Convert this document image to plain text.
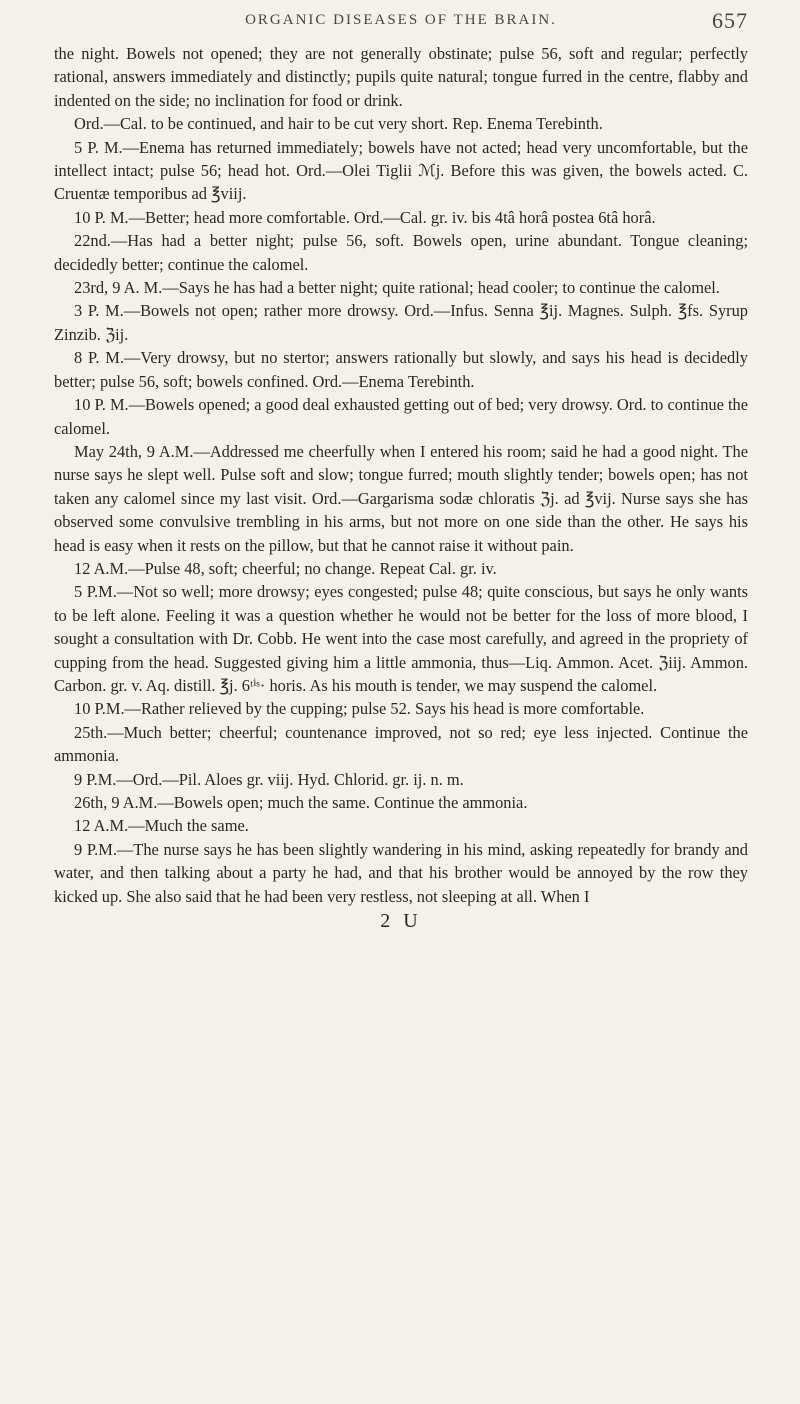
ORGANIC DISEASES OF THE BRAIN.	657

the night. Bowels not opened; they are not generally obstinate; pulse 56, soft and regular; perfectly rational, answers immediately and distinctly; pupils quite natural; tongue furred in the centre, flabby and indented on the side; no inclination for food or drink.

Ord.—Cal. to be continued, and hair to be cut very short. Rep. Enema Terebinth.

5 P. M.—Enema has returned immediately; bowels have not acted; head very uncomfortable, but the intellect intact; pulse 56; head hot. Ord.—Olei Tiglii ℳj. Before this was given, the bowels acted. C. Cruentæ temporibus ad ℥viij.

10 P. M.—Better; head more comfortable. Ord.—Cal. gr. iv. bis 4tâ horâ postea 6tâ horâ.

22nd.—Has had a better night; pulse 56, soft. Bowels open, urine abundant. Tongue cleaning; decidedly better; continue the calomel.

23rd, 9 A. M.—Says he has had a better night; quite rational; head cooler; to continue the calomel.

3 P. M.—Bowels not open; rather more drowsy. Ord.—Infus. Senna ℥ij. Magnes. Sulph. ℥fs. Syrup Zinzib. ℨij.

8 P. M.—Very drowsy, but no stertor; answers rationally but slowly, and says his head is decidedly better; pulse 56, soft; bowels confined. Ord.—Enema Terebinth.

10 P. M.—Bowels opened; a good deal exhausted getting out of bed; very drowsy. Ord. to continue the calomel.

May 24th, 9 A.M.—Addressed me cheerfully when I entered his room; said he had a good night. The nurse says he slept well. Pulse soft and slow; tongue furred; mouth slightly tender; bowels open; has not taken any calomel since my last visit. Ord.—Gargarisma sodæ chloratis ℨj. ad ℥vij. Nurse says she has observed some convulsive trembling in his arms, but not more on one side than the other. He says his head is easy when it rests on the pillow, but that he cannot raise it without pain.

12 A.M.—Pulse 48, soft; cheerful; no change. Repeat Cal. gr. iv.

5 P.M.—Not so well; more drowsy; eyes congested; pulse 48; quite conscious, but says he only wants to be left alone. Feeling it was a question whether he would not be better for the loss of more blood, I sought a consultation with Dr. Cobb. He went into the case most carefully, and agreed in the propriety of cupping from the head. Suggested giving him a little ammonia, thus—Liq. Ammon. Acet. ℨiij. Ammon. Carbon. gr. v. Aq. distill. ℥j. 6ᵗⁱˢ· horis. As his mouth is tender, we may suspend the calomel.

10 P.M.—Rather relieved by the cupping; pulse 52. Says his head is more comfortable.

25th.—Much better; cheerful; countenance improved, not so red; eye less injected. Continue the ammonia.

9 P.M.—Ord.—Pil. Aloes gr. viij. Hyd. Chlorid. gr. ij. n. m.

26th, 9 A.M.—Bowels open; much the same. Continue the ammonia.

12 A.M.—Much the same.

9 P.M.—The nurse says he has been slightly wandering in his mind, asking repeatedly for brandy and water, and then talking about a party he had, and that his brother would be annoyed by the row they kicked up. She also said that he had been very restless, not sleeping at all. When I

2 U
